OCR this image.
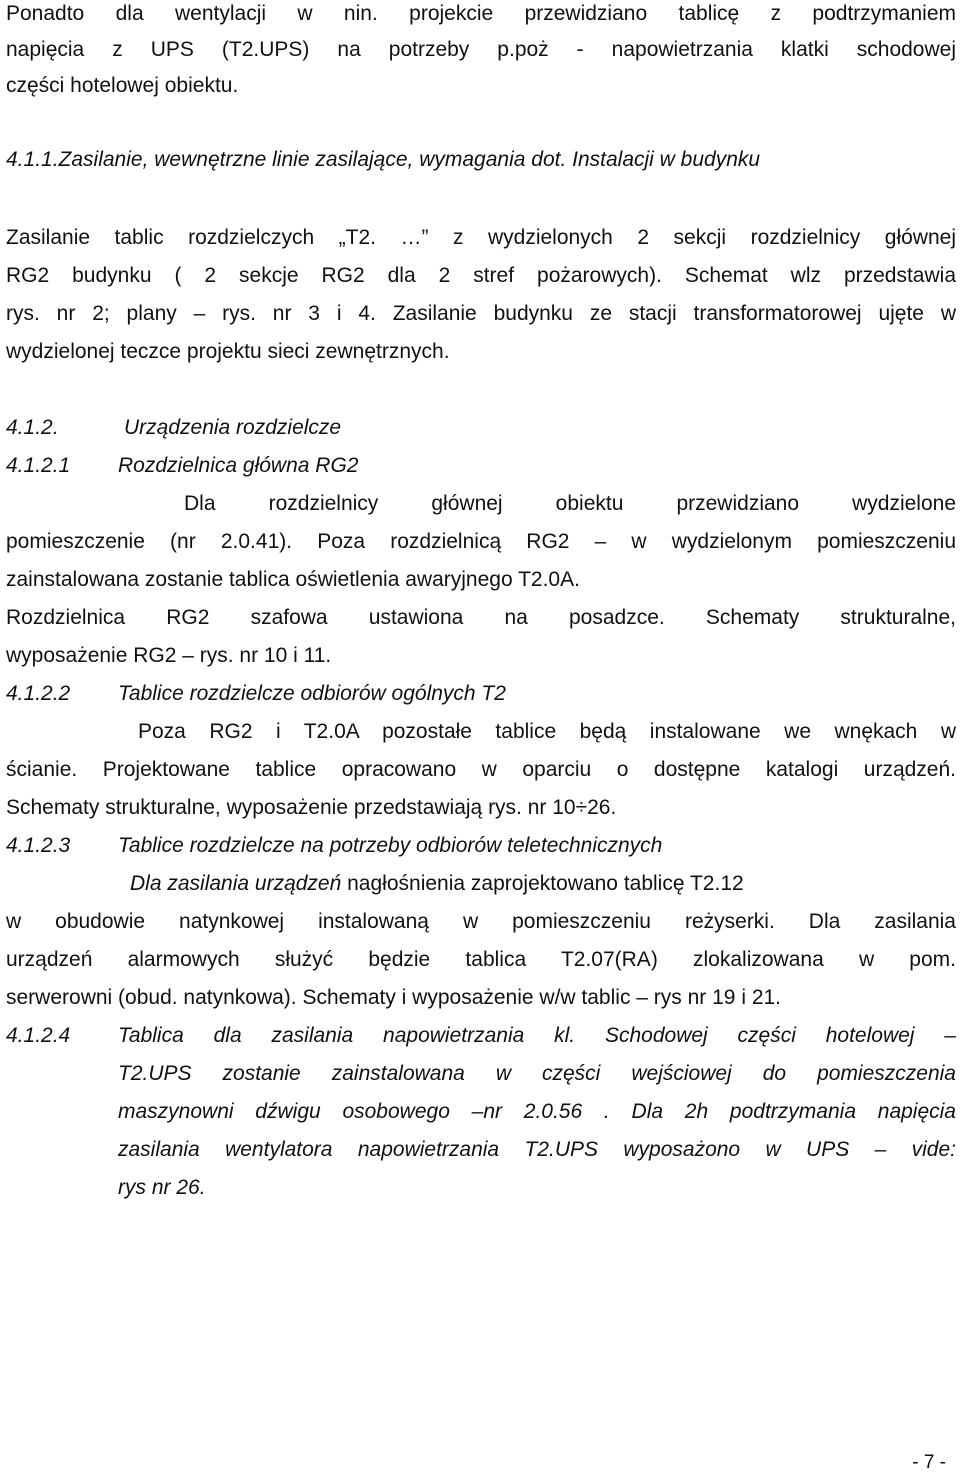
Ponadto dla wentylacji w nin. projekcie przewidziano tablicę z podtrzymaniem
napięcia z UPS (T2.UPS) na potrzeby p.poż - napowietrzania klatki schodowej
części hotelowej obiektu.
4.1.1.Zasilanie, wewnętrzne linie zasilające, wymagania dot. Instalacji w budynku
Zasilanie tablic rozdzielczych „T2. …” z wydzielonych 2 sekcji rozdzielnicy głównej
RG2 budynku ( 2 sekcje RG2 dla 2 stref pożarowych). Schemat wlz przedstawia
rys. nr 2; plany – rys. nr 3 i 4. Zasilanie budynku ze stacji transformatorowej ujęte w
wydzielonej teczce projektu sieci zewnętrznych.
4.1.2.	Urządzenia rozdzielcze
4.1.2.1 Rozdzielnica główna RG2
Dla rozdzielnicy głównej obiektu przewidziano wydzielone
pomieszczenie (nr 2.0.41). Poza rozdzielnicą RG2 – w wydzielonym pomieszczeniu
zainstalowana zostanie tablica oświetlenia awaryjnego T2.0A.
Rozdzielnica RG2 szafowa ustawiona na posadzce. Schematy strukturalne,
wyposażenie RG2 – rys. nr 10 i 11.
4.1.2.2 Tablice rozdzielcze odbiorów ogólnych T2
Poza RG2 i T2.0A pozostałe tablice będą instalowane we wnękach w
ścianie. Projektowane tablice opracowano w oparciu o dostępne katalogi urządzeń.
Schematy strukturalne, wyposażenie przedstawiają rys. nr 10÷26.
4.1.2.3 Tablice rozdzielcze na potrzeby odbiorów teletechnicznych
Dla zasilania urządzeń nagłośnienia zaprojektowano tablicę T2.12
w obudowie natynkowej instalowaną w pomieszczeniu reżyserki. Dla zasilania
urządzeń alarmowych służyć będzie tablica T2.07(RA) zlokalizowana w pom.
serwerowni (obud. natynkowa). Schematy i wyposażenie w/w tablic – rys nr 19 i 21.
4.1.2.4 Tablica dla zasilania napowietrzania kl. Schodowej części hotelowej –
T2.UPS zostanie zainstalowana w części wejściowej do pomieszczenia
maszynowni dźwigu osobowego –nr 2.0.56 . Dla 2h podtrzymania napięcia
zasilania wentylatora napowietrzania T2.UPS wyposażono w UPS – vide:
rys nr 26.
- 7 -
